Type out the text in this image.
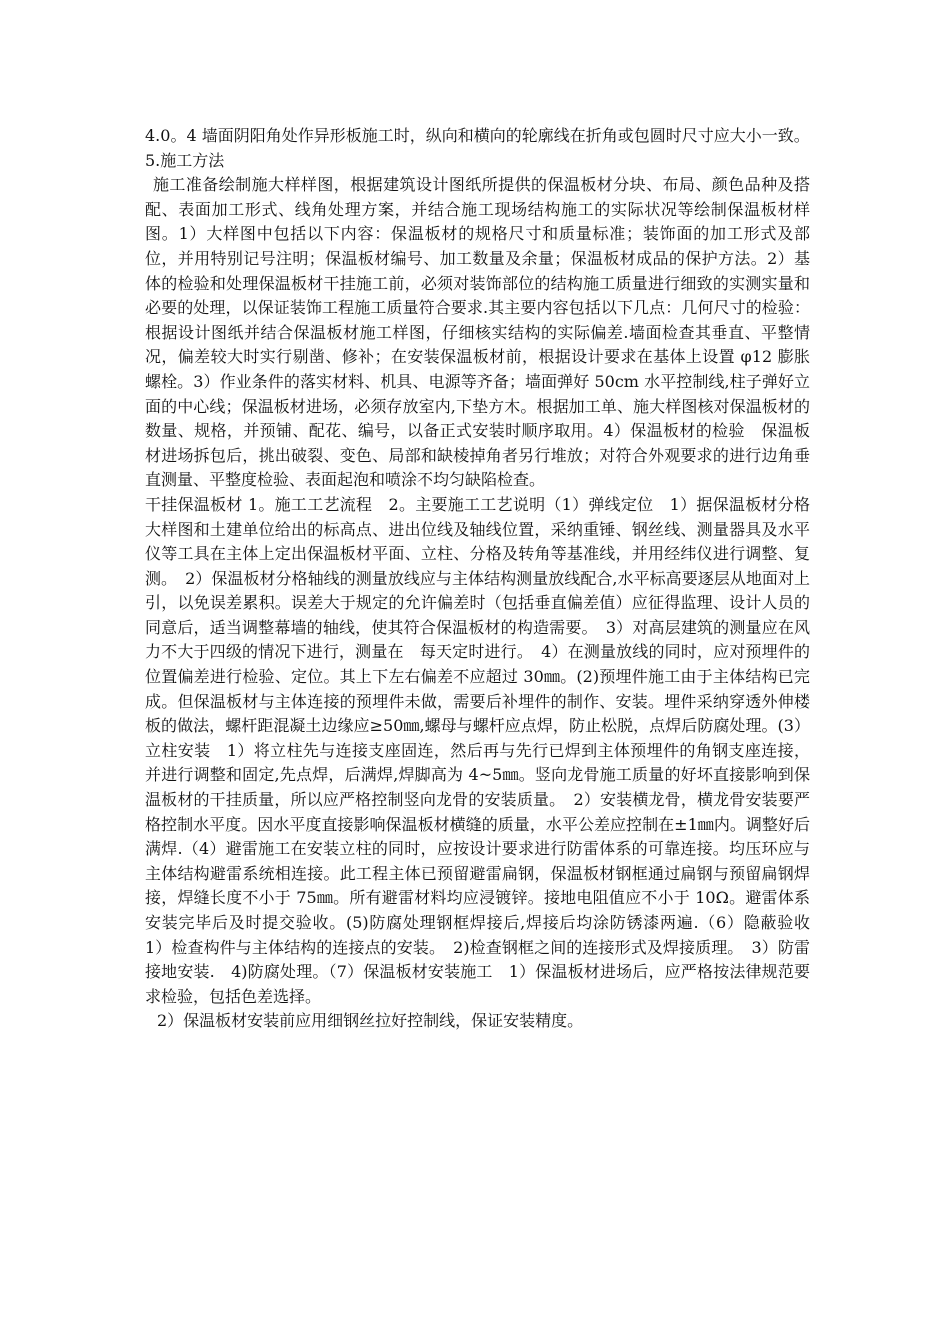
4.0。4 墙面阴阳角处作异形板施工时，纵向和横向的轮廓线在折角或包圆时尺寸应大小一致。

5.施工方法

施工准备绘制施大样样图，根据建筑设计图纸所提供的保温板材分块、布局、颜色品种及搭配、表面加工形式、线角处理方案，并结合施工现场结构施工的实际状况等绘制保温板材样图。1）大样图中包括以下内容：保温板材的规格尺寸和质量标准；装饰面的加工形式及部位，并用特别记号注明；保温板材编号、加工数量及余量；保温板材成品的保护方法。2）基体的检验和处理保温板材干挂施工前，必须对装饰部位的结构施工质量进行细致的实测实量和必要的处理，以保证装饰工程施工质量符合要求.其主要内容包括以下几点：几何尺寸的检验：根据设计图纸并结合保温板材施工样图，仔细核实结构的实际偏差.墙面检查其垂直、平整情况，偏差较大时实行剔凿、修补；在安装保温板材前，根据设计要求在基体上设置 φ12 膨胀螺栓。3）作业条件的落实材料、机具、电源等齐备；墙面弹好 50cm 水平控制线,柱子弹好立面的中心线；保温板材进场，必须存放室内,下垫方木。根据加工单、施大样图核对保温板材的数量、规格，并预铺、配花、编号，以备正式安装时顺序取用。4）保温板材的检验　保温板材进场拆包后，挑出破裂、变色、局部和缺棱掉角者另行堆放；对符合外观要求的进行边角垂直测量、平整度检验、表面起泡和喷涂不均匀缺陷检查。

干挂保温板材 1。施工工艺流程　2。主要施工工艺说明（1）弹线定位　1）据保温板材分格大样图和土建单位给出的标高点、进出位线及轴线位置，采纳重锤、钢丝线、测量器具及水平仪等工具在主体上定出保温板材平面、立柱、分格及转角等基准线，并用经纬仪进行调整、复测。　2）保温板材分格轴线的测量放线应与主体结构测量放线配合,水平标高要逐层从地面对上引，以免误差累积。误差大于规定的允许偏差时（包括垂直偏差值）应征得监理、设计人员的同意后，适当调整幕墙的轴线，使其符合保温板材的构造需要。　3）对高层建筑的测量应在风力不大于四级的情况下进行，测量在　每天定时进行。　4）在测量放线的同时，应对预埋件的位置偏差进行检验、定位。其上下左右偏差不应超过 30㎜。(2)预埋件施工由于主体结构已完成。但保温板材与主体连接的预埋件未做，需要后补埋件的制作、安装。埋件采纳穿透外伸楼板的做法，螺杆距混凝土边缘应≥50㎜,螺母与螺杆应点焊，防止松脱，点焊后防腐处理。(3）立柱安装　1）将立柱先与连接支座固连，然后再与先行已焊到主体预埋件的角钢支座连接，并进行调整和固定,先点焊，后满焊,焊脚高为 4~5㎜。竖向龙骨施工质量的好坏直接影响到保温板材的干挂质量，所以应严格控制竖向龙骨的安装质量。　2）安装横龙骨，横龙骨安装要严格控制水平度。因水平度直接影响保温板材横缝的质量，水平公差应控制在±1㎜内。调整好后满焊.（4）避雷施工在安装立柱的同时，应按设计要求进行防雷体系的可靠连接。均压环应与主体结构避雷系统相连接。此工程主体已预留避雷扁钢，保温板材钢框通过扁钢与预留扁钢焊接，焊缝长度不小于 75㎜。所有避雷材料均应浸镀锌。接地电阻值应不小于 10Ω。避雷体系安装完毕后及时提交验收。(5)防腐处理钢框焊接后,焊接后均涂防锈漆两遍.（6）隐蔽验收　1）检查构件与主体结构的连接点的安装。　2)检查钢框之间的连接形式及焊接质理。　3）防雷接地安装.　4)防腐处理。（7）保温板材安装施工　1）保温板材进场后，应严格按法律规范要求检验，包括色差选择。

2）保温板材安装前应用细钢丝拉好控制线，保证安装精度。
